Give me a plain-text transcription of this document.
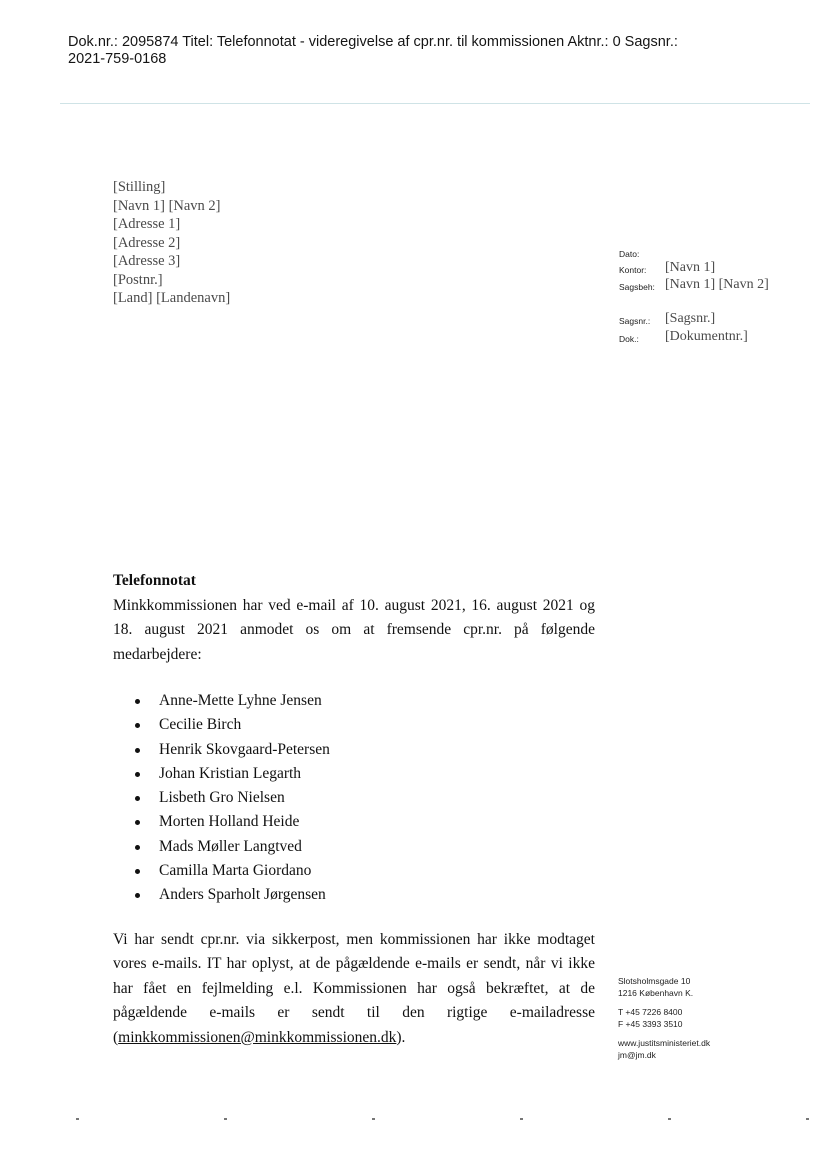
Dok.nr.: 2095874 Titel: Telefonnotat - videregivelse af cpr.nr. til kommissionen Aktnr.: 0 Sagsnr.:
2021-759-0168
[Stilling]
[Navn 1] [Navn 2]
[Adresse 1]
[Adresse 2]
[Adresse 3]
[Postnr.]
[Land] [Landenavn]
Dato:
Kontor:	[Navn 1]
Sagsbeh: [Navn 1] [Navn 2]
Sagsnr.:	[Sagsnr.]
Dok.:	[Dokumentnr.]
Telefonnotat
Minkkommissionen har ved e-mail af 10. august 2021, 16. august 2021 og 18. august 2021 anmodet os om at fremsende cpr.nr. på følgende medarbejdere:
Anne-Mette Lyhne Jensen
Cecilie Birch
Henrik Skovgaard-Petersen
Johan Kristian Legarth
Lisbeth Gro Nielsen
Morten Holland Heide
Mads Møller Langtved
Camilla Marta Giordano
Anders Sparholt Jørgensen
Vi har sendt cpr.nr. via sikkerpost, men kommissionen har ikke modtaget vores e-mails. IT har oplyst, at de pågældende e-mails er sendt, når vi ikke har fået en fejlmelding e.l. Kommissionen har også bekræftet, at de pågældende e-mails er sendt til den rigtige e-mailadresse (minkkommissionen@minkkommissionen.dk).
Slotsholmsgade 10
1216 København K.
T +45 7226 8400
F +45 3393 3510
www.justitsministeriet.dk
jm@jm.dk
